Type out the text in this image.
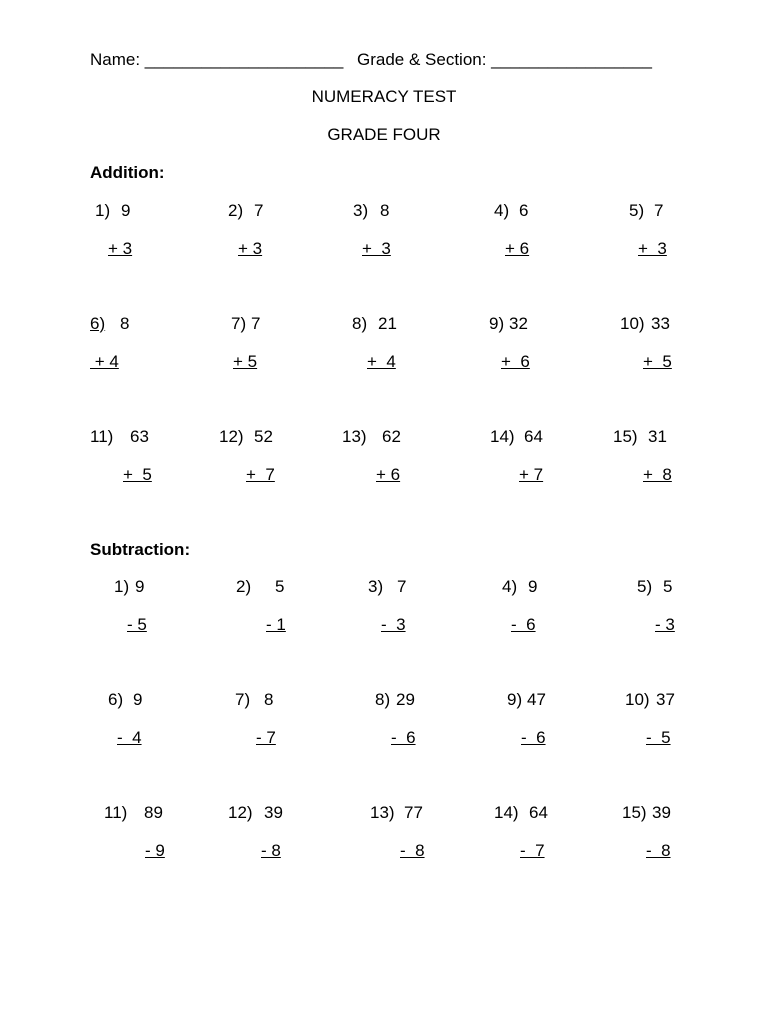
Name: _____________________ Grade & Section: _________________
NUMERACY TEST
GRADE FOUR
Addition:
1) 9
+ 3
2) 7
+ 3
3) 8
+  3
4) 6
+ 6
5) 7
+  3
6) 8
+ 4
7) 7
+ 5
8) 21
+  4
9) 32
+  6
10) 33
+  5
11) 63
+  5
12) 52
+  7
13) 62
+ 6
14) 64
+ 7
15) 31
+  8
Subtraction:
1) 9
- 5
2) 5
- 1
3) 7
-  3
4) 9
-  6
5) 5
- 3
6) 9
-  4
7) 8
- 7
8) 29
-  6
9) 47
-  6
10) 37
-  5
11) 89
- 9
12) 39
- 8
13) 77
-  8
14) 64
-  7
15) 39
-  8
